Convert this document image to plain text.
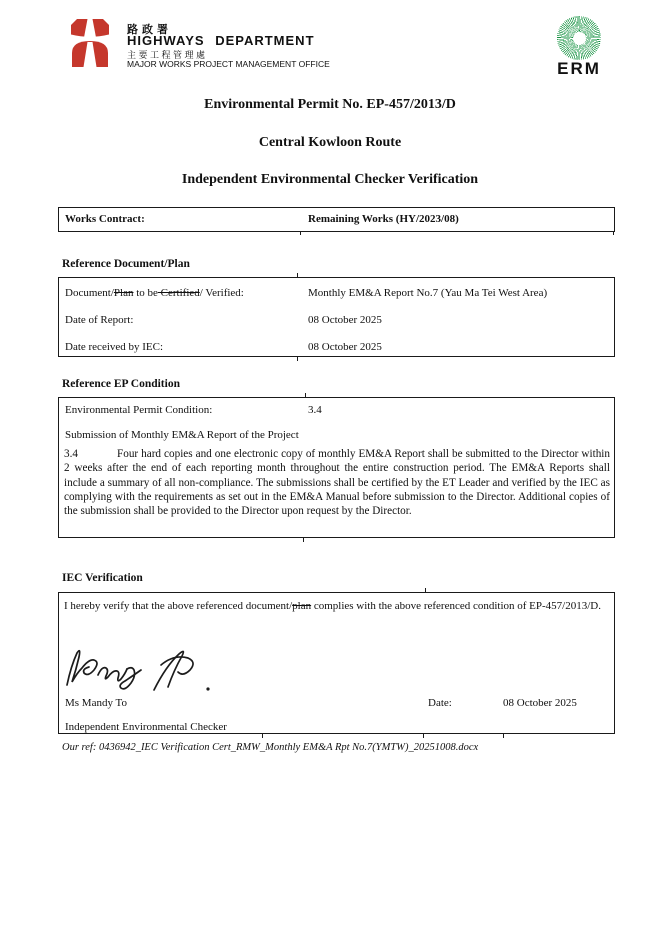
路政署
HIGHWAYS DEPARTMENT
主要工程管理處
MAJOR WORKS PROJECT MANAGEMENT OFFICE	ERM
Environmental Permit No. EP-457/2013/D
Central Kowloon Route
Independent Environmental Checker Verification
Works Contract:	Remaining Works (HY/2023/08)
Reference Document/Plan
Document/Plan to be Certified/ Verified:	Monthly EM&A Report No.7 (Yau Ma Tei West Area)
Date of Report:	08 October 2025
Date received by IEC:	08 October 2025
Reference EP Condition
Environmental Permit Condition:	3.4
Submission of Monthly EM&A Report of the Project
3.4	Four hard copies and one electronic copy of monthly EM&A Report shall be submitted to the Director within 2 weeks after the end of each reporting month throughout the entire construction period. The EM&A Reports shall include a summary of all non-compliance. The submissions shall be certified by the ET Leader and verified by the IEC as complying with the requirements as set out in the EM&A Manual before submission to the Director. Additional copies of the submission shall be provided to the Director upon request by the Director.
IEC Verification
I hereby verify that the above referenced document/plan complies with the above referenced condition of EP-457/2013/D.
Ms Mandy To	Date:	08 October 2025
Independent Environmental Checker
Our ref: 0436942_IEC Verification Cert_RMW_Monthly EM&A Rpt No.7(YMTW)_20251008.docx
